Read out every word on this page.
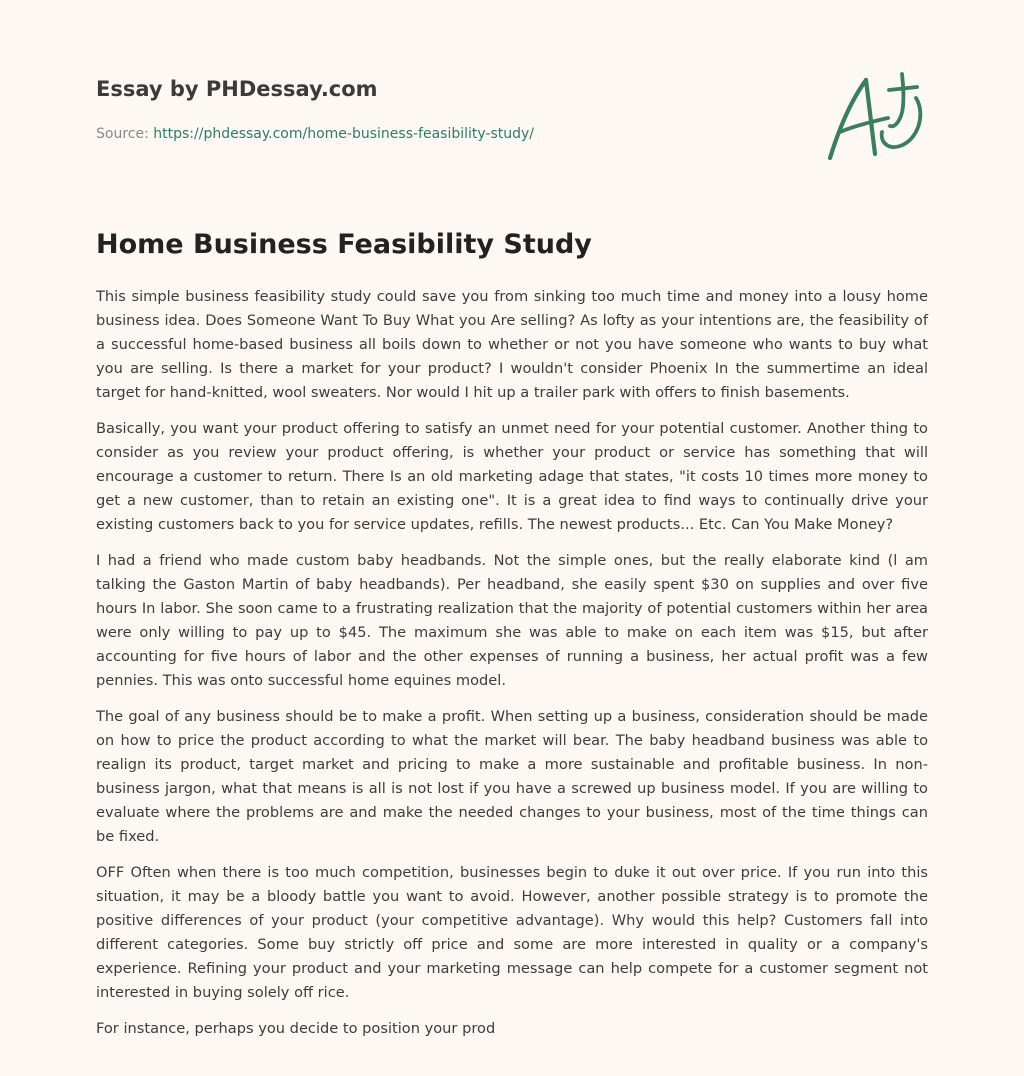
Essay by PHDessay.com
Source: https://phdessay.com/home-business-feasibility-study/
Home Business Feasibility Study

This simple business feasibility study could save you from sinking too much time and money into a lousy home business idea. Does Someone Want To Buy What you Are selling? As lofty as your intentions are, the feasibility of a successful home-based business all boils down to whether or not you have someone who wants to buy what you are selling. Is there a market for your product? I wouldn't consider Phoenix In the summertime an ideal target for hand-knitted, wool sweaters. Nor would I hit up a trailer park with offers to finish basements.

Basically, you want your product offering to satisfy an unmet need for your potential customer. Another thing to consider as you review your product offering, is whether your product or service has something that will encourage a customer to return. There Is an old marketing adage that states, "it costs 10 times more money to get a new customer, than to retain an existing one". It is a great idea to find ways to continually drive your existing customers back to you for service updates, refills. The newest products... Etc. Can You Make Money?

I had a friend who made custom baby headbands. Not the simple ones, but the really elaborate kind (l am talking the Gaston Martin of baby headbands). Per headband, she easily spent $30 on supplies and over five hours In labor. She soon came to a frustrating realization that the majority of potential customers within her area were only willing to pay up to $45. The maximum she was able to make on each item was $15, but after accounting for five hours of labor and the other expenses of running a business, her actual profit was a few pennies. This was onto successful home equines model.

The goal of any business should be to make a profit. When setting up a business, consideration should be made on how to price the product according to what the market will bear. The baby headband business was able to realign its product, target market and pricing to make a more sustainable and profitable business. In non-business jargon, what that means is all is not lost if you have a screwed up business model. If you are willing to evaluate where the problems are and make the needed changes to your business, most of the time things can be fixed.

OFF Often when there is too much competition, businesses begin to duke it out over price. If you run into this situation, it may be a bloody battle you want to avoid. However, another possible strategy is to promote the positive differences of your product (your competitive advantage). Why would this help? Customers fall into different categories. Some buy strictly off price and some are more interested in quality or a company's experience. Refining your product and your marketing message can help compete for a customer segment not interested in buying solely off rice.

For instance, perhaps you decide to position your prod
